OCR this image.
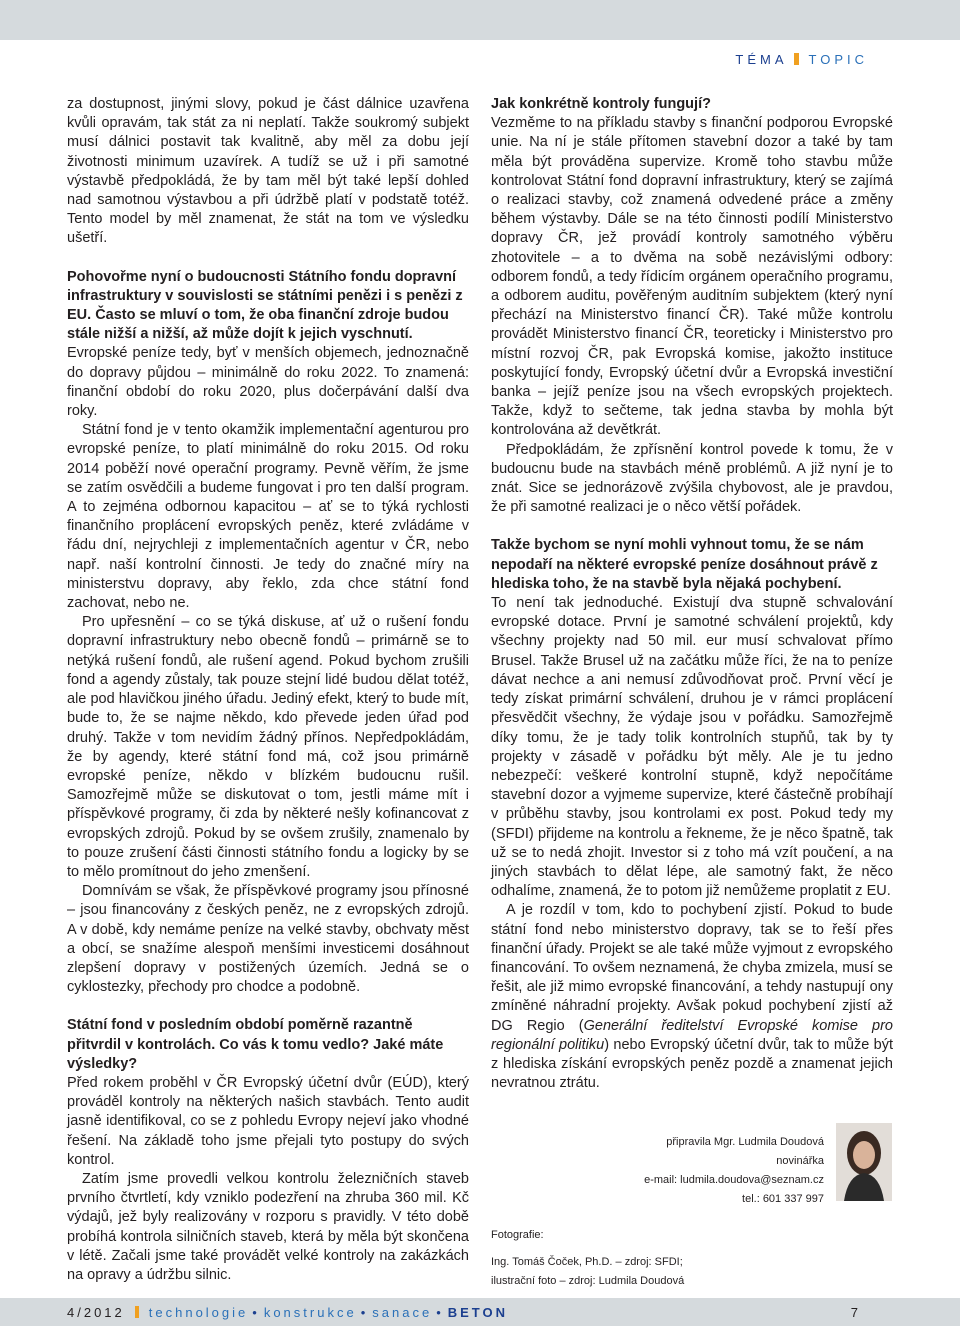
TÉMA TOPIC

za dostupnost, jinými slovy, pokud je část dálnice uzavřena kvůli opravám, tak stát za ni neplatí. Takže soukromý subjekt musí dálnici postavit tak kvalitně, aby měl za dobu její životnosti minimum uzavírek. A tudíž se už i při samotné výstavbě předpokládá, že by tam měl být také lepší dohled nad samotnou výstavbou a při údržbě platí v podstatě totéž. Tento model by měl znamenat, že stát na tom ve výsledku ušetří.

Pohovořme nyní o budoucnosti Státního fondu dopravní infrastruktury v souvislosti se státními penězi i s penězi z EU. Často se mluví o tom, že oba finanční zdroje budou stále nižší a nižší, až může dojít k jejich vyschnutí.

Evropské peníze tedy, byť v menších objemech, jednoznačně do dopravy půjdou – minimálně do roku 2022. To znamená: finanční období do roku 2020, plus dočerpávání další dva roky.

Státní fond je v tento okamžik implementační agenturou pro evropské peníze, to platí minimálně do roku 2015. Od roku 2014 poběží nové operační programy. Pevně věřím, že jsme se zatím osvědčili a budeme fungovat i pro ten další program. A to zejména odbornou kapacitou – ať se to týká rychlosti finančního proplácení evropských peněz, které zvládáme v řádu dní, nejrychleji z implementačních agentur v ČR, nebo např. naší kontrolní činnosti. Je tedy do značné míry na ministerstvu dopravy, aby řeklo, zda chce státní fond zachovat, nebo ne.

Pro upřesnění – co se týká diskuse, ať už o rušení fondu dopravní infrastruktury nebo obecně fondů – primárně se to netýká rušení fondů, ale rušení agend. Pokud bychom zrušili fond a agendy zůstaly, tak pouze stejní lidé budou dělat totéž, ale pod hlavičkou jiného úřadu. Jediný efekt, který to bude mít, bude to, že se najme někdo, kdo převede jeden úřad pod druhý. Takže v tom nevidím žádný přínos. Nepředpokládám, že by agendy, které státní fond má, což jsou primárně evropské peníze, někdo v blízkém budoucnu rušil. Samozřejmě může se diskutovat o tom, jestli máme mít i příspěvkové programy, či zda by některé nešly kofinancovat z evropských zdrojů. Pokud by se ovšem zrušily, znamenalo by to pouze zrušení části činnosti státního fondu a logicky by se to mělo promítnout do jeho zmenšení.

Domnívám se však, že příspěvkové programy jsou přínosné – jsou financovány z českých peněz, ne z evropských zdrojů. A v době, kdy nemáme peníze na velké stavby, obchvaty měst a obcí, se snažíme alespoň menšími investicemi dosáhnout zlepšení dopravy v postižených územích. Jedná se o cyklostezky, přechody pro chodce a podobně.

Státní fond v posledním období poměrně razantně přitvrdil v kontrolách. Co vás k tomu vedlo? Jaké máte výsledky?

Před rokem proběhl v ČR Evropský účetní dvůr (EÚD), který prováděl kontroly na některých našich stavbách. Tento audit jasně identifikoval, co se z pohledu Evropy nejeví jako vhodné řešení. Na základě toho jsme přejali tyto postupy do svých kontrol.

Zatím jsme provedli velkou kontrolu železničních staveb prvního čtvrtletí, kdy vzniklo podezření na zhruba 360 mil. Kč výdajů, jež byly realizovány v rozporu s pravidly. V této době probíhá kontrola silničních staveb, která by měla být skončena v létě. Začali jsme také provádět velké kontroly na zakázkách na opravy a údržbu silnic.

Jak konkrétně kontroly fungují?

Vezměme to na příkladu stavby s finanční podporou Evropské unie. Na ní je stále přítomen stavební dozor a také by tam měla být prováděna supervize. Kromě toho stavbu může kontrolovat Státní fond dopravní infrastruktury, který se zajímá o realizaci stavby, což znamená odvedené práce a změny během výstavby. Dále se na této činnosti podílí Ministerstvo dopravy ČR, jež provádí kontroly samotného výběru zhotovitele – a to dvěma na sobě nezávislými odbory: odborem fondů, a tedy řídicím orgánem operačního programu, a odborem auditu, pověřeným auditním subjektem (který nyní přechází na Ministerstvo financí ČR). Také může kontrolu provádět Ministerstvo financí ČR, teoreticky i Ministerstvo pro místní rozvoj ČR, pak Evropská komise, jakožto instituce poskytující fondy, Evropský účetní dvůr a Evropská investiční banka – jejíž peníze jsou na všech evropských projektech. Takže, když to sečteme, tak jedna stavba by mohla být kontrolována až devětkrát.

Předpokládám, že zpřísnění kontrol povede k tomu, že v budoucnu bude na stavbách méně problémů. A již nyní je to znát. Sice se jednorázově zvýšila chybovost, ale je pravdou, že při samotné realizaci je o něco větší pořádek.

Takže bychom se nyní mohli vyhnout tomu, že se nám nepodaří na některé evropské peníze dosáhnout právě z hlediska toho, že na stavbě byla nějaká pochybení.

To není tak jednoduché. Existují dva stupně schvalování evropské dotace. První je samotné schválení projektů, kdy všechny projekty nad 50 mil. eur musí schvalovat přímo Brusel. Takže Brusel už na začátku může říci, že na to peníze dávat nechce a ani nemusí zdůvodňovat proč. První věcí je tedy získat primární schválení, druhou je v rámci proplácení přesvědčit všechny, že výdaje jsou v pořádku. Samozřejmě díky tomu, že je tady tolik kontrolních stupňů, tak by ty projekty v zásadě v pořádku být měly. Ale je tu jedno nebezpečí: veškeré kontrolní stupně, když nepočítáme stavební dozor a vyjmeme supervize, které částečně probíhají v průběhu stavby, jsou kontrolami ex post. Pokud tedy my (SFDI) přijdeme na kontrolu a řekneme, že je něco špatně, tak už se to nedá zhojit. Investor si z toho má vzít poučení, a na jiných stavbách to dělat lépe, ale samotný fakt, že něco odhalíme, znamená, že to potom již nemůžeme proplatit z EU.

A je rozdíl v tom, kdo to pochybení zjistí. Pokud to bude státní fond nebo ministerstvo dopravy, tak se to řeší přes finanční úřady. Projekt se ale také může vyjmout z evropského financování. To ovšem neznamená, že chyba zmizela, musí se řešit, ale již mimo evropské financování, a tehdy nastupují ony zmíněné náhradní projekty. Avšak pokud pochybení zjistí až DG Regio (Generální ředitelství Evropské komise pro regionální politiku) nebo Evropský účetní dvůr, tak to může být z hlediska získání evropských peněz pozdě a znamenat jejich nevratnou ztrátu.

připravila Mgr. Ludmila Doudová
novinářka
e-mail: ludmila.doudova@seznam.cz
tel.: 601 337 997

Fotografie:

Ing. Tomáš Čoček, Ph.D. – zdroj: SFDI;

ilustrační foto – zdroj: Ludmila Doudová

4/2012 technologie • konstrukce • sanace • BETON	7
